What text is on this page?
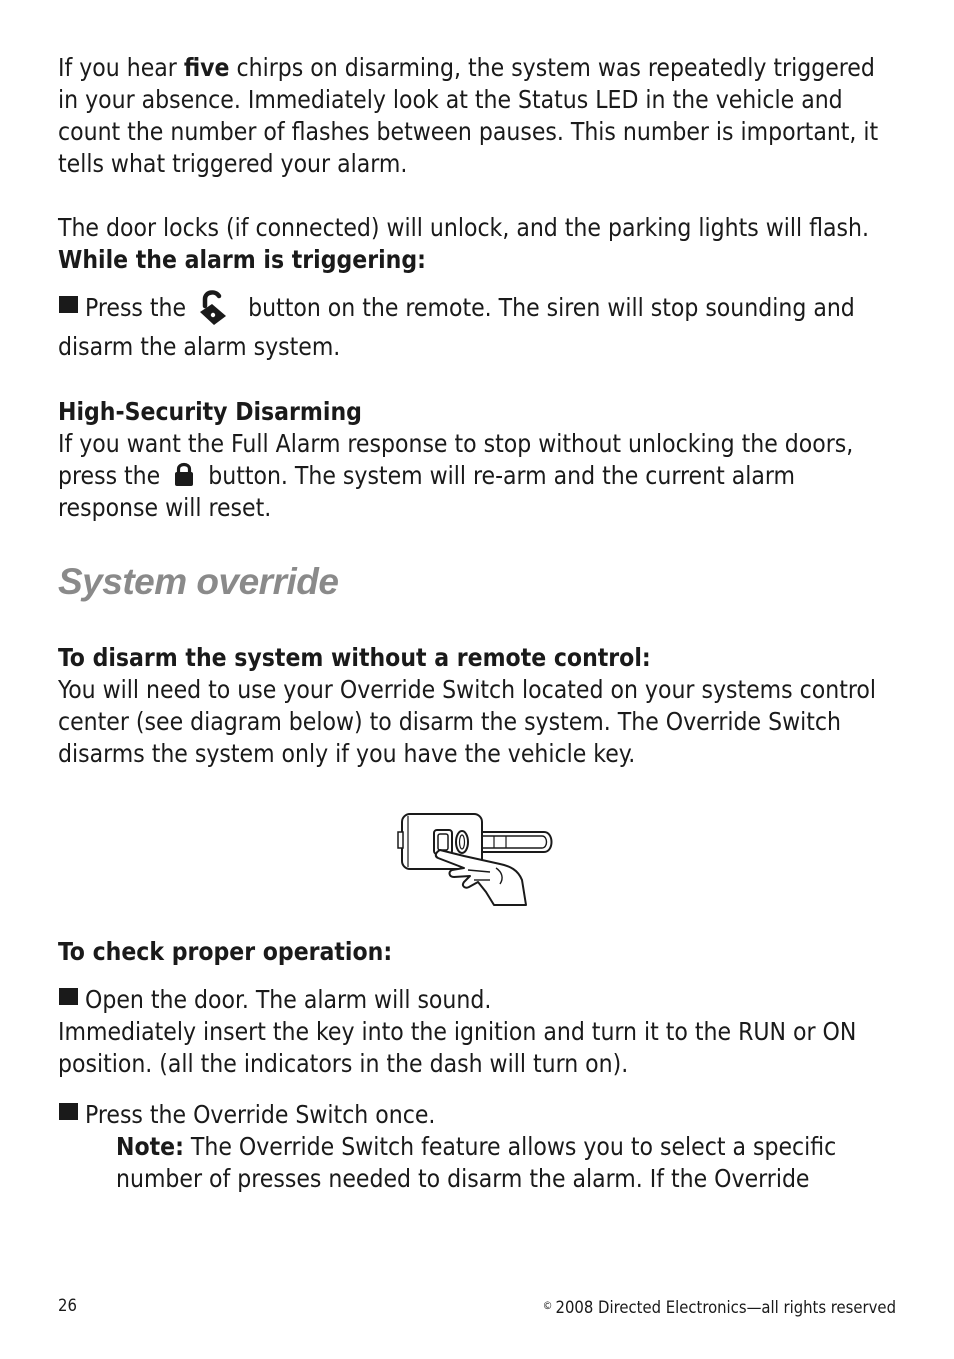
If you hear five chirps on disarming, the system was repeatedly triggered in your absence. Immediately look at the Status LED in the vehicle and count the number of flashes between pauses. This number is important, it tells what triggered your alarm.

The door locks (if connected) will unlock, and the parking lights will flash.

While the alarm is triggering:

Press the  button on the remote. The siren will stop sounding and disarm the alarm system.

High-Security Disarming

If you want the Full Alarm response to stop without unlocking the doors, press the  button. The system will re-arm and the current alarm response will reset.

System override

To disarm the system without a remote control:

You will need to use your Override Switch located on your systems control center (see diagram below) to disarm the system. The Override Switch disarms the system only if you have the vehicle key.

To check proper operation:

Open the door. The alarm will sound.

Immediately insert the key into the ignition and turn it to the RUN or ON position. (all the indicators in the dash will turn on).

Press the Override Switch once.

Note: The Override Switch feature allows you to select a specific number of presses needed to disarm the alarm. If the Override

26	© 2008 Directed Electronics—all rights reserved
